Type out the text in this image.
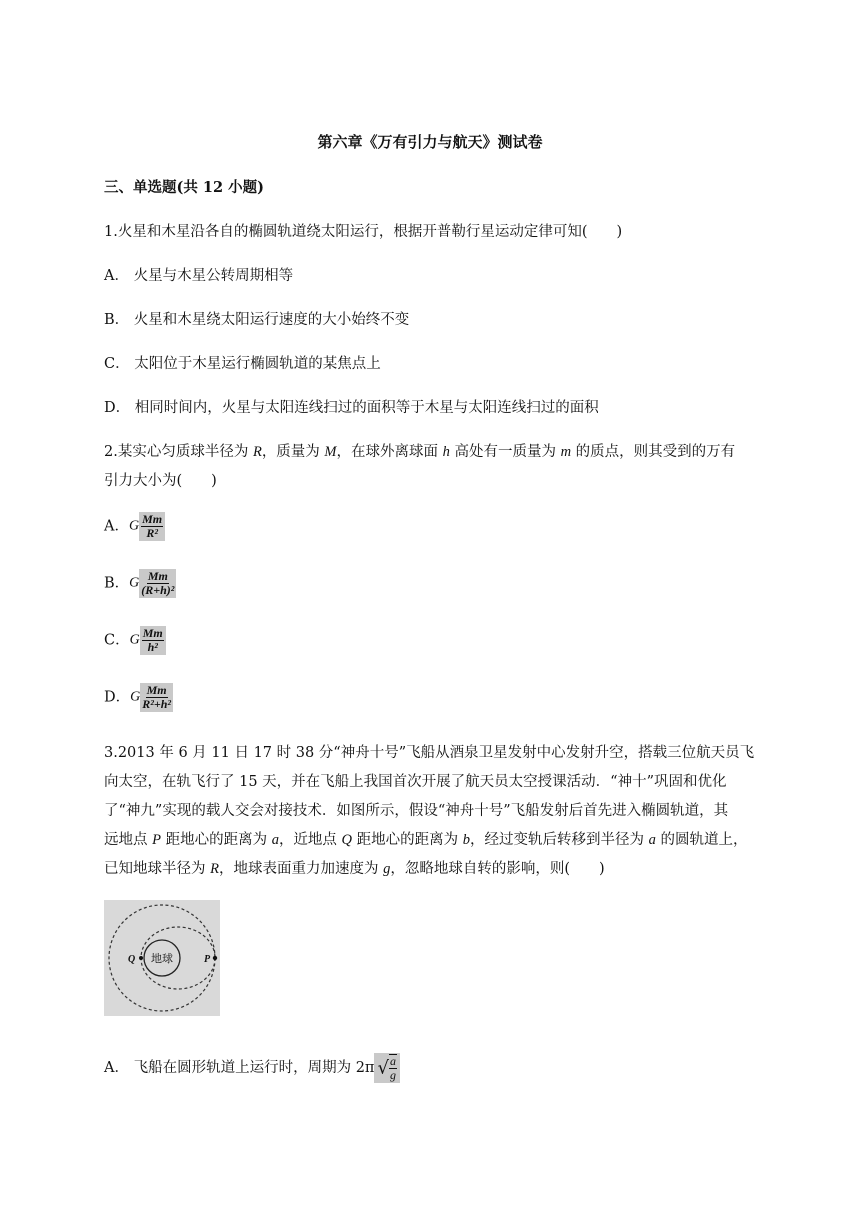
第六章《万有引力与航天》测试卷
三、单选题(共 12 小题)
1.火星和木星沿各自的椭圆轨道绕太阳运行，根据开普勒行星运动定律可知(　　)
A． 火星与木星公转周期相等
B． 火星和木星绕太阳运行速度的大小始终不变
C． 太阳位于木星运行椭圆轨道的某焦点上
D． 相同时间内，火星与太阳连线扫过的面积等于木星与太阳连线扫过的面积
2.某实心匀质球半径为 R，质量为 M，在球外离球面 h 高处有一质量为 m 的质点，则其受到的万有
引力大小为(　　)
A．G $\frac{Mm}{\text{R²}}$
B．G $\frac{Mm}{\text{(R+h)²}}$
C．G $\frac{Mm}{\text{h²}}$
D．G $\frac{Mm}{\text{R²+h²}}$
3.2013 年 6 月 11 日 17 时 38 分“神舟十号”飞船从酒泉卫星发射中心发射升空，搭载三位航天员飞
向太空，在轨飞行了 15 天，并在飞船上我国首次开展了航天员太空授课活动．“神十”巩固和优化
了“神九”实现的载人交会对接技术．如图所示，假设“神舟十号”飞船发射后首先进入椭圆轨道，其
远地点 P 距地心的距离为 a，近地点 Q 距地心的距离为 b，经过变轨后转移到半径为 a 的圆轨道上，
已知地球半径为 R，地球表面重力加速度为 g，忽略地球自转的影响，则(　　)
地球
Q	P
A． 飞船在圆形轨道上运行时，周期为 2π √ $\frac{a}{g}$
